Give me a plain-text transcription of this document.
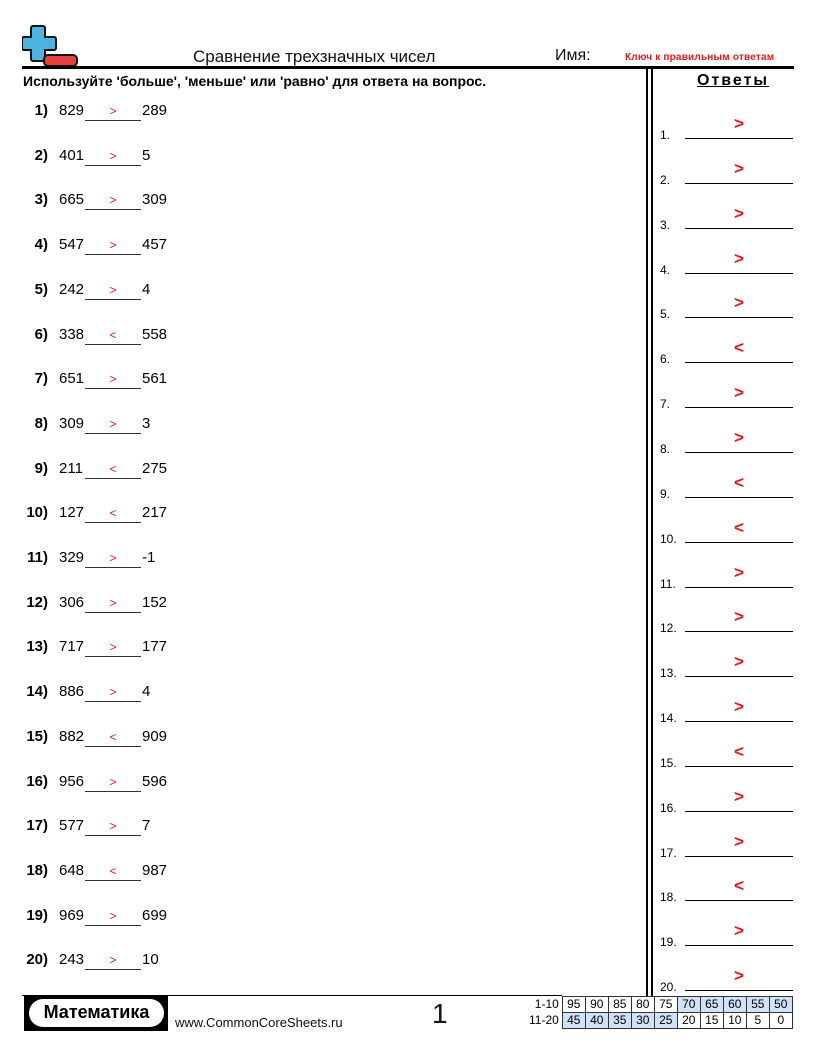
Сравнение трехзначных чисел	Имя:	Ключ к правильным ответам
Используйте 'больше', 'меньше' или 'равно' для ответа на вопрос.
1) 829	>	289
2) 401	>	5
3) 665	>	309
4) 547	>	457
5) 242	>	4
6) 338	<	558
7) 651	>	561
8) 309	>	3
9) 211	<	275
10) 127	<	217
11) 329	>	-1
12) 306	>	152
13) 717	>	177
14) 886	>	4
15) 882	<	909
16) 956	>	596
17) 577	>	7
18) 648	<	987
19) 969	>	699
20) 243	>	10
Ответы
1.
>
2.
>
3.
>
4.
>
5.
>
6.
<
7.
>
8.
>
9.
<
10.
<
11.
>
12.
>
13.
>
14.
>
15.
<
16.
>
17.
>
18.
<
19.
>
20.
>
Математика
www.CommonCoreSheets.ru	1	1-10	95	90	85	80	75	70	65	60	55	50
11-20	45	40	35	30	25	20	15	10	5	0
